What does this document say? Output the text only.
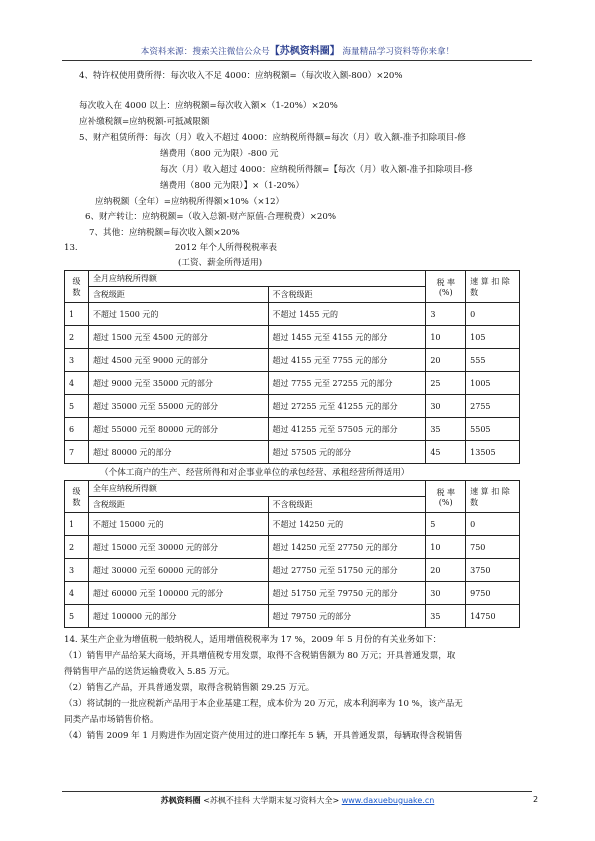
本资料来源：搜索关注微信公众号【苏枫资料圈】 海量精品学习资料等你来拿！
4、特许权使用费所得：每次收入不足 4000：应纳税额=（每次收入额-800）×20%
每次收入在 4000 以上：应纳税额=每次收入额×（1-20%）×20%
应补缴税额=应纳税额-可抵减限额
5、财产租赁所得：每次（月）收入不超过 4000：应纳税所得额=每次（月）收入额-准予扣除项目-修
缮费用（800 元为限）-800 元
每次（月）收入超过 4000：应纳税所得额=【每次（月）收入额-准予扣除项目-修
缮费用（800 元为限）】×（1-20%）
应纳税额（全年）=应纳税所得额×10%（×12）
6、财产转让：应纳税额=（收入总额-财产原值-合理税费）×20%
7、其他：应纳税额=每次收入额×20%
13.	2012 年个人所得税税率表
(工资、薪金所得适用)
级数	全月应纳税所得额		税 率 (%)	速 算 扣 除数
	含税级距	不含税级距		
1	不超过 1500 元的	不超过 1455 元的	3	0
2	超过 1500 元至 4500 元的部分	超过 1455 元至 4155 元的部分	10	105
3	超过 4500 元至 9000 元的部分	超过 4155 元至 7755 元的部分	20	555
4	超过 9000 元至 35000 元的部分	超过 7755 元至 27255 元的部分	25	1005
5	超过 35000 元至 55000 元的部分	超过 27255 元至 41255 元的部分	30	2755
6	超过 55000 元至 80000 元的部分	超过 41255 元至 57505 元的部分	35	5505
7	超过 80000 元的部分	超过 57505 元的部分	45	13505
（个体工商户的生产、经营所得和对企事业单位的承包经营、承租经营所得适用）
级数	全年应纳税所得额		税 率 (%)	速 算 扣 除数
	含税级距	不含税级距		
1	不超过 15000 元的	不超过 14250 元的	5	0
2	超过 15000 元至 30000 元的部分	超过 14250 元至 27750 元的部分	10	750
3	超过 30000 元至 60000 元的部分	超过 27750 元至 51750 元的部分	20	3750
4	超过 60000 元至 100000 元的部分	超过 51750 元至 79750 元的部分	30	9750
5	超过 100000 元的部分	超过 79750 元的部分	35	14750
14. 某生产企业为增值税一般纳税人，适用增值税税率为 17 %，2009 年 5 月份的有关业务如下：
（1）销售甲产品给某大商场，开具增值税专用发票，取得不含税销售额为 80 万元；开具普通发票，取
得销售甲产品的送货运输费收入 5.85 万元。
（2）销售乙产品，开具普通发票，取得含税销售额 29.25 万元。
（3）将试制的一批应税新产品用于本企业基建工程，成本价为 20 万元，成本利润率为 10 %，该产品无
同类产品市场销售价格。
（4）销售 2009 年 1 月购进作为固定资产使用过的进口摩托车 5 辆，开具普通发票，每辆取得含税销售
苏枫资料圈 <苏枫不挂科 大学期末复习资料大全> www.daxuebuguake.cn	2
